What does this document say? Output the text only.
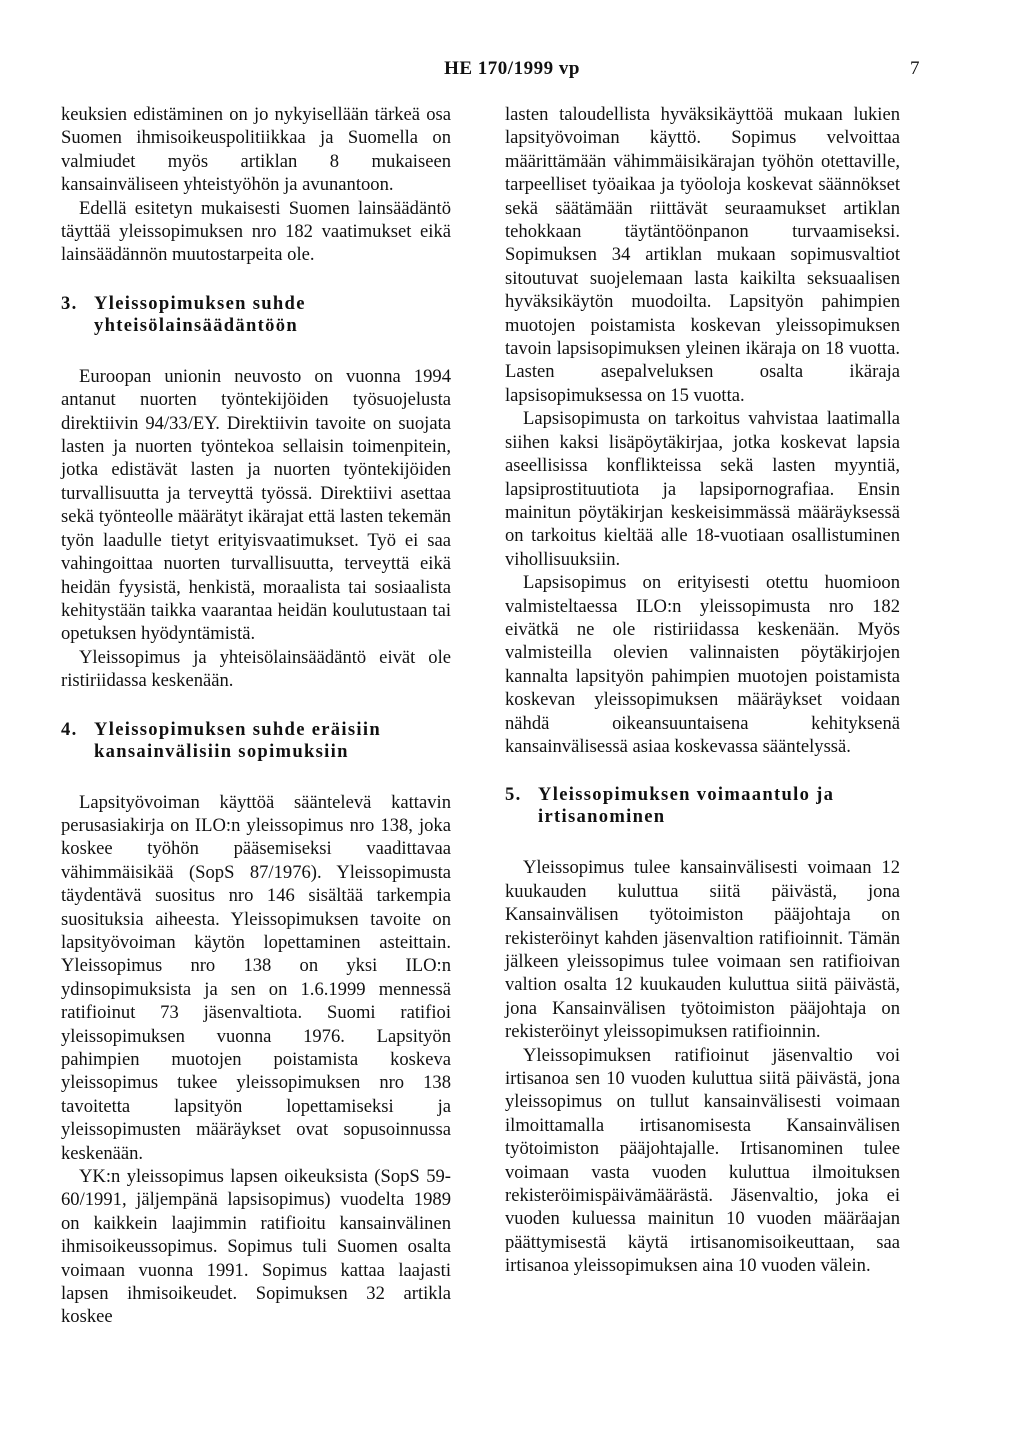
HE 170/1999 vp	7

keuksien edistäminen on jo nykyisellään tärkeä osa Suomen ihmisoikeuspolitiikkaa ja Suomella on valmiudet myös artiklan 8 mukaiseen kansainväliseen yhteistyöhön ja avunantoon.

Edellä esitetyn mukaisesti Suomen lainsäädäntö täyttää yleissopimuksen nro 182 vaatimukset eikä lainsäädännön muutostarpeita ole.

3. Yleissopimuksen suhde yhteisölainsäädäntöön

Euroopan unionin neuvosto on vuonna 1994 antanut nuorten työntekijöiden työsuojelusta direktiivin 94/33/EY. Direktiivin tavoite on suojata lasten ja nuorten työntekoa sellaisin toimenpitein, jotka edistävät lasten ja nuorten työntekijöiden turvallisuutta ja terveyttä työssä. Direktiivi asettaa sekä työnteolle määrätyt ikärajat että lasten tekemän työn laadulle tietyt erityisvaatimukset. Työ ei saa vahingoittaa nuorten turvallisuutta, terveyttä eikä heidän fyysistä, henkistä, moraalista tai sosiaalista kehitystään taikka vaarantaa heidän koulutustaan tai opetuksen hyödyntämistä.

Yleissopimus ja yhteisölainsäädäntö eivät ole ristiriidassa keskenään.

4. Yleissopimuksen suhde eräisiin kansainvälisiin sopimuksiin

Lapsityövoiman käyttöä sääntelevä kattavin perusasiakirja on ILO:n yleissopimus nro 138, joka koskee työhön pääsemiseksi vaadittavaa vähimmäisikää (SopS 87/1976). Yleissopimusta täydentävä suositus nro 146 sisältää tarkempia suosituksia aiheesta. Yleissopimuksen tavoite on lapsityövoiman käytön lopettaminen asteittain. Yleissopimus nro 138 on yksi ILO:n ydinsopimuksista ja sen on 1.6.1999 mennessä ratifioinut 73 jäsenvaltiota. Suomi ratifioi yleissopimuksen vuonna 1976. Lapsityön pahimpien muotojen poistamista koskeva yleissopimus tukee yleissopimuksen nro 138 tavoitetta lapsityön lopettamiseksi ja yleissopimusten määräykset ovat sopusoinnussa keskenään.

YK:n yleissopimus lapsen oikeuksista (SopS 59-60/1991, jäljempänä lapsisopimus) vuodelta 1989 on kaikkein laajimmin ratifioitu kansainvälinen ihmisoikeussopimus. Sopimus tuli Suomen osalta voimaan vuonna 1991. Sopimus kattaa laajasti lapsen ihmisoikeudet. Sopimuksen 32 artikla koskee

lasten taloudellista hyväksikäyttöä mukaan lukien lapsityövoiman käyttö. Sopimus velvoittaa määrittämään vähimmäisikärajan työhön otettaville, tarpeelliset työaikaa ja työoloja koskevat säännökset sekä säätämään riittävät seuraamukset artiklan tehokkaan täytäntöönpanon turvaamiseksi. Sopimuksen 34 artiklan mukaan sopimusvaltiot sitoutuvat suojelemaan lasta kaikilta seksuaalisen hyväksikäytön muodoilta. Lapsityön pahimpien muotojen poistamista koskevan yleissopimuksen tavoin lapsisopimuksen yleinen ikäraja on 18 vuotta. Lasten asepalveluksen osalta ikäraja lapsisopimuksessa on 15 vuotta.

Lapsisopimusta on tarkoitus vahvistaa laatimalla siihen kaksi lisäpöytäkirjaa, jotka koskevat lapsia aseellisissa konflikteissa sekä lasten myyntiä, lapsiprostituutiota ja lapsipornografiaa. Ensin mainitun pöytäkirjan keskeisimmässä määräyksessä on tarkoitus kieltää alle 18-vuotiaan osallistuminen vihollisuuksiin.

Lapsisopimus on erityisesti otettu huomioon valmisteltaessa ILO:n yleissopimusta nro 182 eivätkä ne ole ristiriidassa keskenään. Myös valmisteilla olevien valinnaisten pöytäkirjojen kannalta lapsityön pahimpien muotojen poistamista koskevan yleissopimuksen määräykset voidaan nähdä oikeansuuntaisena kehityksenä kansainvälisessä asiaa koskevassa sääntelyssä.

5. Yleissopimuksen voimaantulo ja irtisanominen

Yleissopimus tulee kansainvälisesti voimaan 12 kuukauden kuluttua siitä päivästä, jona Kansainvälisen työtoimiston pääjohtaja on rekisteröinyt kahden jäsenvaltion ratifioinnit. Tämän jälkeen yleissopimus tulee voimaan sen ratifioivan valtion osalta 12 kuukauden kuluttua siitä päivästä, jona Kansainvälisen työtoimiston pääjohtaja on rekisteröinyt yleissopimuksen ratifioinnin.

Yleissopimuksen ratifioinut jäsenvaltio voi irtisanoa sen 10 vuoden kuluttua siitä päivästä, jona yleissopimus on tullut kansainvälisesti voimaan ilmoittamalla irtisanomisesta Kansainvälisen työtoimiston pääjohtajalle. Irtisanominen tulee voimaan vasta vuoden kuluttua ilmoituksen rekisteröimispäivämäärästä. Jäsenvaltio, joka ei vuoden kuluessa mainitun 10 vuoden määräajan päättymisestä käytä irtisanomisoikeuttaan, saa irtisanoa yleissopimuksen aina 10 vuoden välein.
